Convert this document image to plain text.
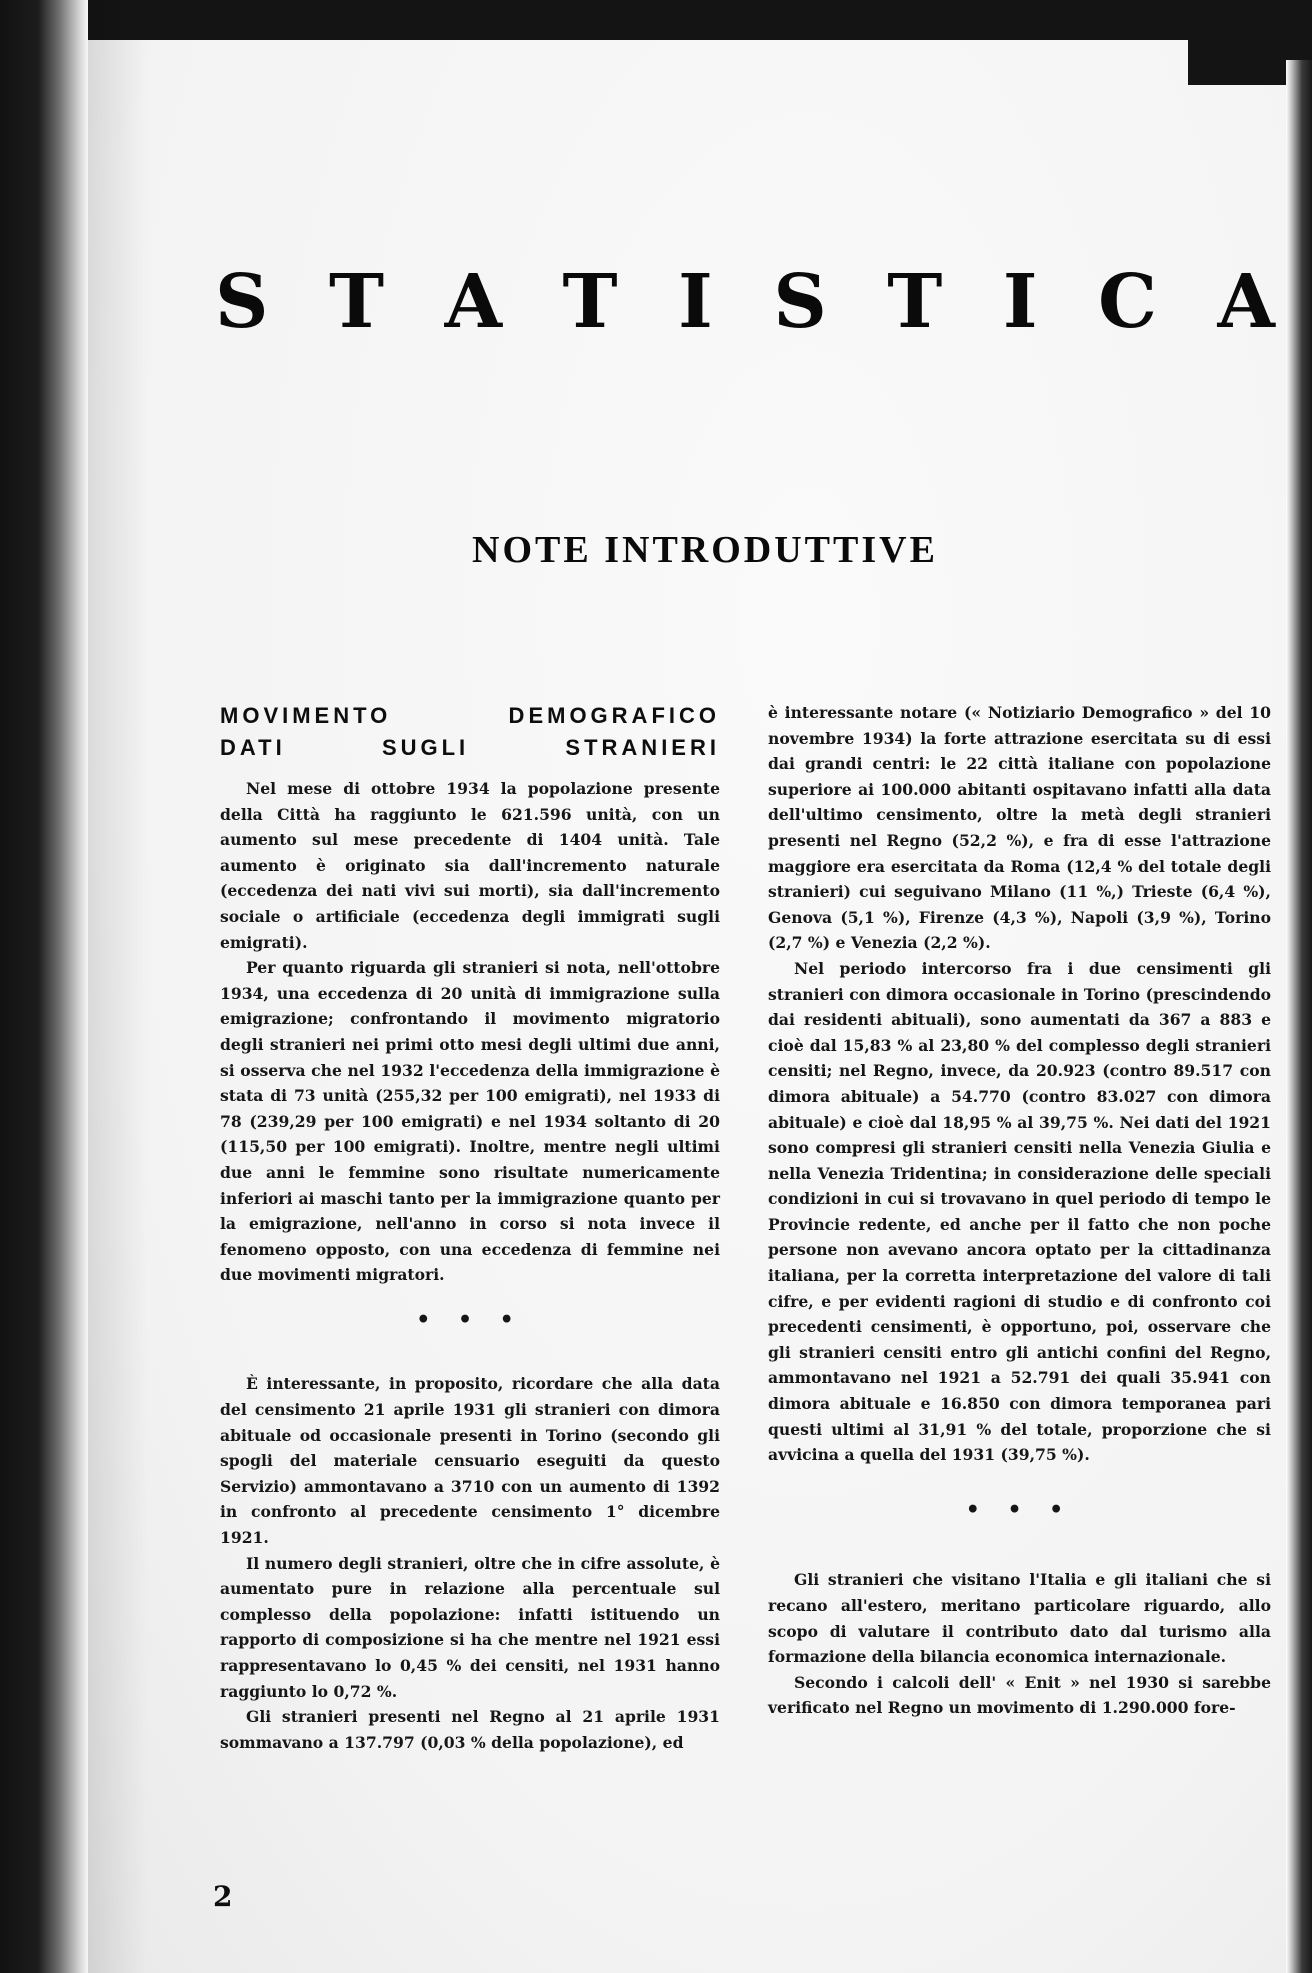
S T A T I S T I C A
NOTE INTRODUTTIVE
MOVIMENTO DEMOGRAFICO
DATI SUGLI STRANIERI

Nel mese di ottobre 1934 la popolazione presente della Città ha raggiunto le 621.596 unità, con un aumento sul mese precedente di 1404 unità. Tale aumento è originato sia dall'incremento naturale (eccedenza dei nati vivi sui morti), sia dall'incremento sociale o artificiale (eccedenza degli immigrati sugli emigrati).

Per quanto riguarda gli stranieri si nota, nell'ottobre 1934, una eccedenza di 20 unità di immigrazione sulla emigrazione; confrontando il movimento migratorio degli stranieri nei primi otto mesi degli ultimi due anni, si osserva che nel 1932 l'eccedenza della immigrazione è stata di 73 unità (255,32 per 100 emigrati), nel 1933 di 78 (239,29 per 100 emigrati) e nel 1934 soltanto di 20 (115,50 per 100 emigrati). Inoltre, mentre negli ultimi due anni le femmine sono risultate numericamente inferiori ai maschi tanto per la immigrazione quanto per la emigrazione, nell'anno in corso si nota invece il fenomeno opposto, con una eccedenza di femmine nei due movimenti migratori.

• • •

È interessante, in proposito, ricordare che alla data del censimento 21 aprile 1931 gli stranieri con dimora abituale od occasionale presenti in Torino (secondo gli spogli del materiale censuario eseguiti da questo Servizio) ammontavano a 3710 con un aumento di 1392 in confronto al precedente censimento 1° dicembre 1921.

Il numero degli stranieri, oltre che in cifre assolute, è aumentato pure in relazione alla percentuale sul complesso della popolazione: infatti istituendo un rapporto di composizione si ha che mentre nel 1921 essi rappresentavano lo 0,45 % dei censiti, nel 1931 hanno raggiunto lo 0,72 %.

Gli stranieri presenti nel Regno al 21 aprile 1931 sommavano a 137.797 (0,03 % della popolazione), ed

è interessante notare (« Notiziario Demografico » del 10 novembre 1934) la forte attrazione esercitata su di essi dai grandi centri: le 22 città italiane con popolazione superiore ai 100.000 abitanti ospitavano infatti alla data dell'ultimo censimento, oltre la metà degli stranieri presenti nel Regno (52,2 %), e fra di esse l'attrazione maggiore era esercitata da Roma (12,4 % del totale degli stranieri) cui seguivano Milano (11 %,) Trieste (6,4 %), Genova (5,1 %), Firenze (4,3 %), Napoli (3,9 %), Torino (2,7 %) e Venezia (2,2 %).

Nel periodo intercorso fra i due censimenti gli stranieri con dimora occasionale in Torino (prescindendo dai residenti abituali), sono aumentati da 367 a 883 e cioè dal 15,83 % al 23,80 % del complesso degli stranieri censiti; nel Regno, invece, da 20.923 (contro 89.517 con dimora abituale) a 54.770 (contro 83.027 con dimora abituale) e cioè dal 18,95 % al 39,75 %. Nei dati del 1921 sono compresi gli stranieri censiti nella Venezia Giulia e nella Venezia Tridentina; in considerazione delle speciali condizioni in cui si trovavano in quel periodo di tempo le Provincie redente, ed anche per il fatto che non poche persone non avevano ancora optato per la cittadinanza italiana, per la corretta interpretazione del valore di tali cifre, e per evidenti ragioni di studio e di confronto coi precedenti censimenti, è opportuno, poi, osservare che gli stranieri censiti entro gli antichi confini del Regno, ammontavano nel 1921 a 52.791 dei quali 35.941 con dimora abituale e 16.850 con dimora temporanea pari questi ultimi al 31,91 % del totale, proporzione che si avvicina a quella del 1931 (39,75 %).

• • •

Gli stranieri che visitano l'Italia e gli italiani che si recano all'estero, meritano particolare riguardo, allo scopo di valutare il contributo dato dal turismo alla formazione della bilancia economica internazionale.

Secondo i calcoli dell' « Enit » nel 1930 si sarebbe verificato nel Regno un movimento di 1.290.000 fore-

2
